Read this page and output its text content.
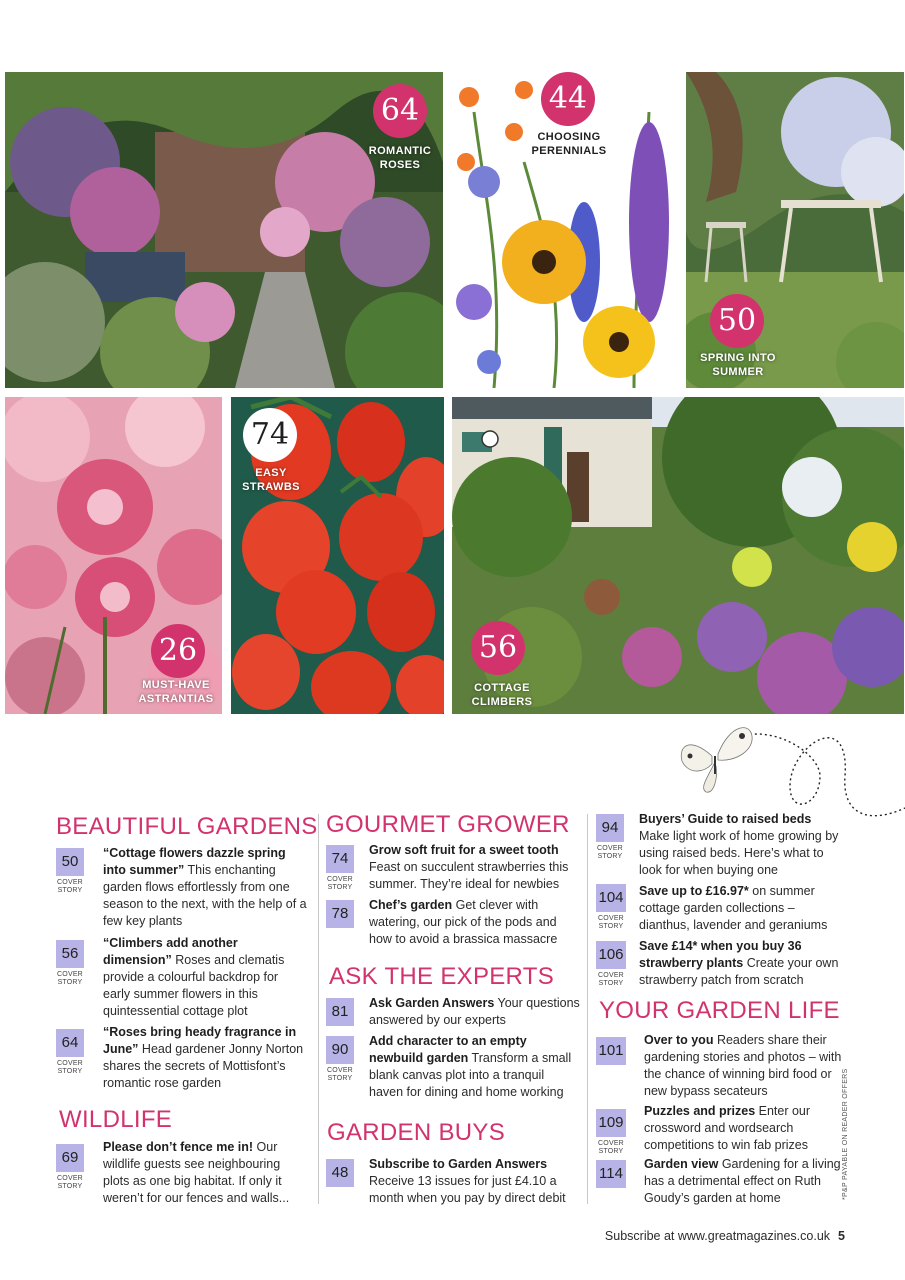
64
ROMANTIC
ROSES
44
CHOOSING
PERENNIALS
50
SPRING INTO
SUMMER
26
MUST-HAVE
ASTRANTIAS
74
EASY
STRAWBS
56
COTTAGE
CLIMBERS
BEAUTIFUL GARDENS
50
COVER
STORY
“Cottage flowers dazzle spring into summer” This enchanting garden flows effortlessly from one season to the next, with the help of a few key plants
56
COVER
STORY
“Climbers add another dimension” Roses and clematis provide a colourful backdrop for early summer flowers in this quintessential cottage plot
64
COVER
STORY
“Roses bring heady fragrance in June” Head gardener Jonny Norton shares the secrets of Mottisfont’s romantic rose garden
WILDLIFE
69
COVER
STORY
Please don’t fence me in! Our wildlife guests see neighbouring plots as one big habitat. If only it weren’t for our fences and walls...
GOURMET GROWER
74
COVER
STORY
Grow soft fruit for a sweet tooth Feast on succulent strawberries this summer. They’re ideal for newbies
78	Chef’s garden Get clever with watering, our pick of the pods and how to avoid a brassica massacre
ASK THE EXPERTS
81	Ask Garden Answers Your questions answered by our experts
90
COVER
STORY
Add character to an empty newbuild garden Transform a small blank canvas plot into a tranquil haven for dining and home working
GARDEN BUYS
48	Subscribe to Garden Answers Receive 13 issues for just £4.10 a month when you pay by direct debit
94
COVER
STORY
Buyers’ Guide to raised beds Make light work of home growing by using raised beds. Here’s what to look for when buying one
104
COVER
STORY
Save up to £16.97* on summer cottage garden collections – dianthus, lavender and geraniums
106
COVER
STORY
Save £14* when you buy 36 strawberry plants Create your own strawberry patch from scratch
YOUR GARDEN LIFE
101
Over to you Readers share their gardening stories and photos – with the chance of winning bird food or new bypass secateurs
109
COVER
STORY
Puzzles and prizes Enter our crossword and wordsearch competitions to win fab prizes
114
Garden view Gardening for a living has a detrimental effect on Ruth Goudy’s garden at home	*P&P PAYABLE ON READER OFFERS
Subscribe at www.greatmagazines.co.uk 5
